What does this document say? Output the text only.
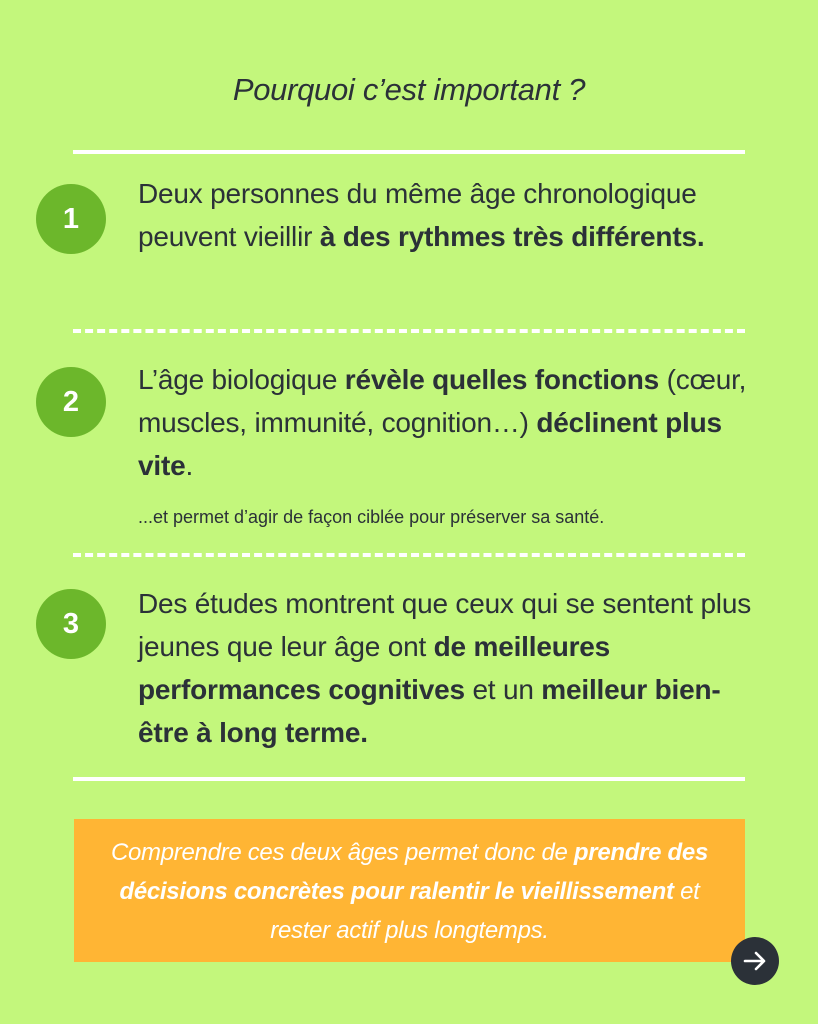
Pourquoi c’est important ?
1
Deux personnes du même âge chronologique peuvent vieillir à des rythmes très différents.
2
L’âge biologique révèle quelles fonctions (cœur, muscles, immunité, cognition…) déclinent plus vite.
...et permet d’agir de façon ciblée pour préserver sa santé.
3
Des études montrent que ceux qui se sentent plus jeunes que leur âge ont de meilleures performances cognitives et un meilleur bien-être à long terme.
Comprendre ces deux âges permet donc de prendre des décisions concrètes pour ralentir le vieillissement et rester actif plus longtemps.
